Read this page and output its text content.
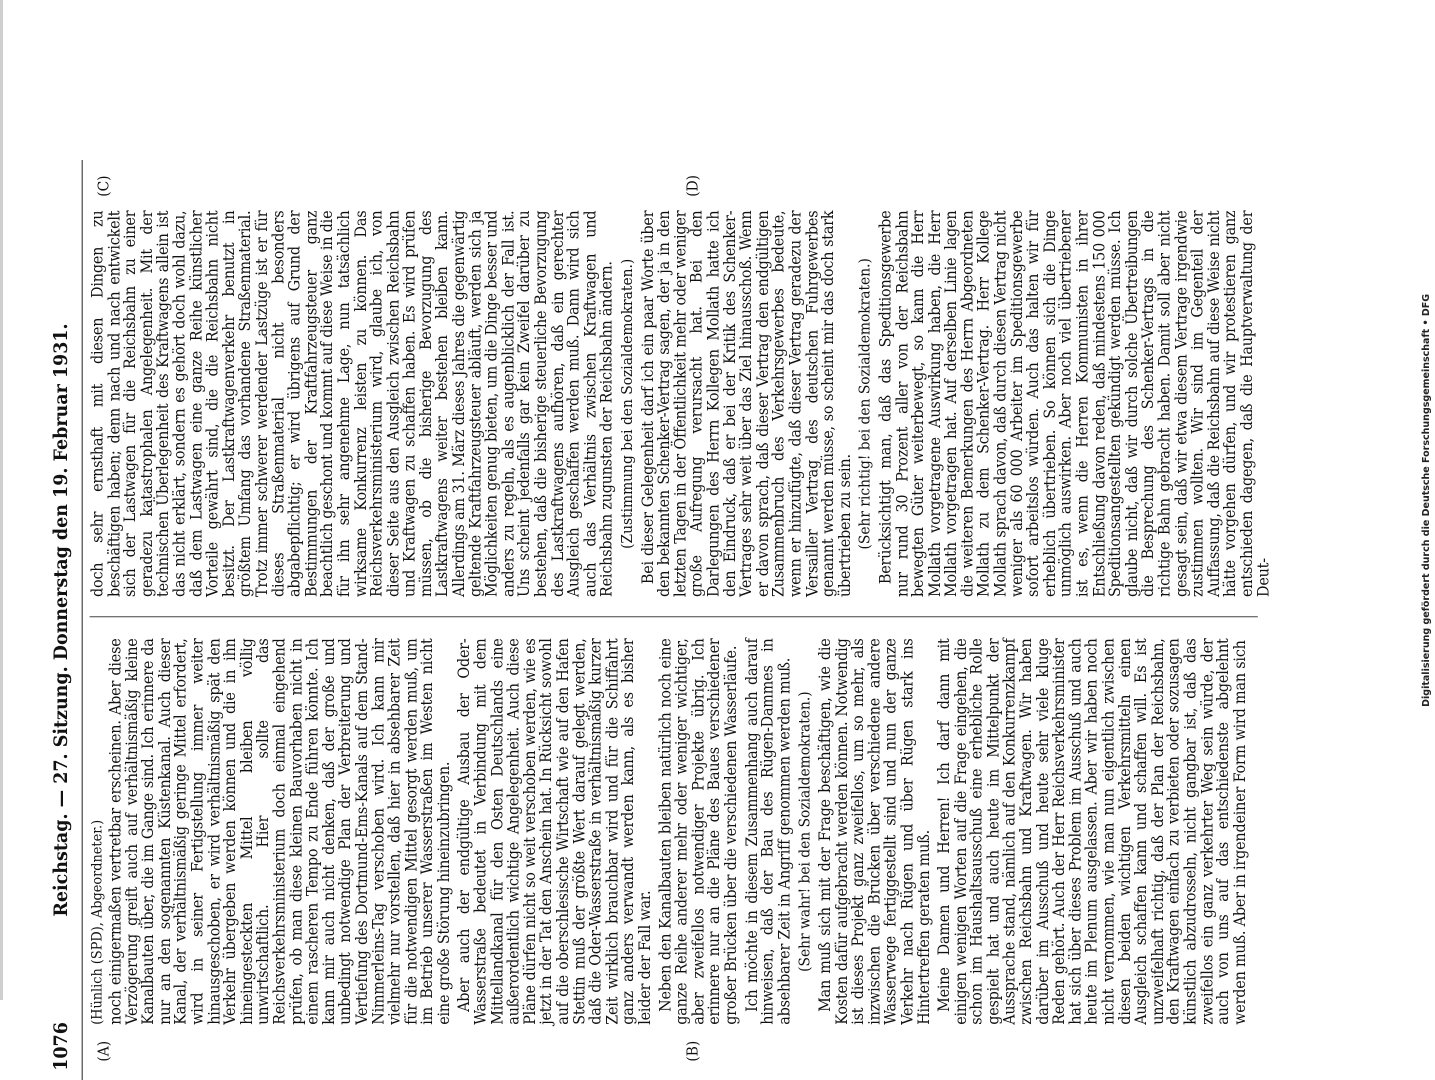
1076
Reichstag. — 27. Sitzung. Donnerstag den 19. Februar 1931.
(A)	(B)
(C)	(D)

(Hünlich (SPD), Abgeordneter.) noch einigermaßen vertretbar erscheinen. Aber diese Verzögerung greift auch auf verhältnismäßig kleine Kanalbauten über, die im Gange sind. Ich erinnere da nur an den sogenannten Küstenkanal. Auch dieser Kanal, der verhältnismäßig geringe Mittel erfordert, wird in seiner Fertigstellung immer weiter hinausgeschoben, er wird verhältnismäßig spät den Verkehr übergeben werden können und die in ihn hineingesteckten Mittel bleiben völlig unwirtschaftlich. Hier sollte das Reichsverkehrsministerium doch einmal eingehend prüfen, ob man diese kleinen Bauvorhaben nicht in einem rascheren Tempo zu Ende führen könnte. Ich kann mir auch nicht denken, daß der große und unbedingt notwendige Plan der Verbreiterung und Vertiefung des Dortmund-Ems-Kanals auf dem Stand-Nimmerleins-Tag verschoben wird. Ich kann mir vielmehr nur vorstellen, daß hier in absehbarer Zeit für die notwendigen Mittel gesorgt werden muß, um im Betrieb unserer Wasserstraßen im Westen nicht eine große Störung hineinzubringen. Aber auch der endgültige Ausbau der Oder-Wasserstraße bedeutet in Verbindung mit dem Mittellandkanal für den Osten Deutschlands eine außerordentlich wichtige Angelegenheit. Auch diese Pläne dürfen nicht so weit verschoben werden, wie es jetzt in der Tat den Anschein hat. In Rücksicht sowohl auf die oberschlesische Wirtschaft wie auf den Hafen Stettin muß der größte Wert darauf gelegt werden, daß die Oder-Wasserstraße in verhältnismäßig kurzer Zeit wirklich brauchbar wird und für die Schiffahrt ganz anders verwandt werden kann, als es bisher leider der Fall war. Neben den Kanalbauten bleiben natürlich noch eine ganze Reihe anderer mehr oder weniger wichtiger, aber zweifellos notwendiger Projekte übrig. Ich erinnere nur an die Pläne des Baues verschiedener großer Brücken über die verschiedenen Wasserläufe. Ich möchte in diesem Zusammenhang auch darauf hinweisen, daß der Bau des Rügen-Dammes in absehbarer Zeit in Angriff genommen werden muß. (Sehr wahr! bei den Sozialdemokraten.) Man muß sich mit der Frage beschäftigen, wie die Kosten dafür aufgebracht werden können. Notwendig ist dieses Projekt ganz zweifellos, um so mehr, als inzwischen die Brücken über verschiedene andere Wasserwege fertiggestellt sind und nun der ganze Verkehr nach Rügen und über Rügen stark ins Hintertreffen geraten muß. Meine Damen und Herren! Ich darf dann mit einigen wenigen Worten auf die Frage eingehen, die schon im Haushaltsausschuß eine erhebliche Rolle gespielt hat und auch heute im Mittelpunkt der Aussprache stand, nämlich auf den Konkurrenzkampf zwischen Reichsbahn und Kraftwagen. Wir haben darüber im Ausschuß und heute sehr viele kluge Reden gehört. Auch der Herr Reichsverkehrsminister hat sich über dieses Problem im Ausschuß und auch heute im Plenum ausgelassen. Aber wir haben noch nicht vernommen, wie man nun eigentlich zwischen diesen beiden wichtigen Verkehrsmitteln einen Ausgleich schaffen kann und schaffen will. Es ist unzweifelhaft richtig, daß der Plan der Reichsbahn, den Kraftwagen einfach zu verbieten oder sozusagen künstlich abzudrosseln, nicht gangbar ist, daß das zweifellos ein ganz verkehrter Weg sein würde, der auch von uns auf das entschiedenste abgelehnt werden muß. Aber in irgendeiner Form wird man sich

doch sehr ernsthaft mit diesen Dingen zu beschäftigen haben; denn nach und nach entwickelt sich der Lastwagen für die Reichsbahn zu einer geradezu katastrophalen Angelegenheit. Mit der technischen Überlegenheit des Kraftwagens allein ist das nicht erklärt, sondern es gehört doch wohl dazu, daß dem Lastwagen eine ganze Reihe künstlicher Vorteile gewährt sind, die die Reichsbahn nicht besitzt. Der Lastkraftwagenverkehr benutzt in größtem Umfang das vorhandene Straßenmaterial. Trotz immer schwerer werdender Lastzüge ist er für dieses Straßenmaterial nicht besonders abgabepflichtig; er wird übrigens auf Grund der Bestimmungen der Kraftfahrzeugsteuer ganz beachtlich geschont und kommt auf diese Weise in die für ihn sehr angenehme Lage, nun tatsächlich wirksame Konkurrenz leisten zu können. Das Reichsverkehrsministerium wird, glaube ich, von dieser Seite aus den Ausgleich zwischen Reichsbahn und Kraftwagen zu schaffen haben. Es wird prüfen müssen, ob die bisherige Bevorzugung des Lastkraftwagens weiter bestehen bleiben kann. Allerdings am 31. März dieses Jahres die gegenwärtig geltende Kraftfahrzeugsteuer abläuft, werden sich ja Möglichkeiten genug bieten, um die Dinge besser und anders zu regeln, als es augenblicklich der Fall ist. Uns scheint jedenfalls gar kein Zweifel darüber zu bestehen, daß die bisherige steuerliche Bevorzugung des Lastkraftwagens aufhören, daß ein gerechter Ausgleich geschaffen werden muß. Dann wird sich auch das Verhältnis zwischen Kraftwagen und Reichsbahn zugunsten der Reichsbahn ändern. (Zustimmung bei den Sozialdemokraten.) Bei dieser Gelegenheit darf ich ein paar Worte über den bekannten Schenker-Vertrag sagen, der ja in den letzten Tagen in der Öffentlichkeit mehr oder weniger große Aufregung verursacht hat. Bei den Darlegungen des Herrn Kollegen Mollath hatte ich den Eindruck, daß er bei der Kritik des Schenker-Vertrages sehr weit über das Ziel hinausschoß. Wenn er davon sprach, daß dieser Vertrag den endgültigen Zusammenbruch des Verkehrsgewerbes bedeute, wenn er hinzufügte, daß dieser Vertrag geradezu der Versailler Vertrag des deutschen Fuhrgewerbes genannt werden müsse, so scheint mir das doch stark übertrieben zu sein. (Sehr richtig! bei den Sozialdemokraten.) Berücksichtigt man, daß das Speditionsgewerbe nur rund 30 Prozent aller von der Reichsbahn bewegten Güter weiterbewegt, so kann die Herr Mollath vorgetragene Auswirkung haben, die Herr Mollath vorgetragen hat. Auf derselben Linie lagen die weiteren Bemerkungen des Herrn Abgeordneten Mollath zu dem Schenker-Vertrag. Herr Kollege Mollath sprach davon, daß durch diesen Vertrag nicht weniger als 60 000 Arbeiter im Speditionsgewerbe sofort arbeitslos würden. Auch das halten wir für erheblich übertrieben. So können sich die Dinge unmöglich auswirken. Aber noch viel übertriebener ist es, wenn die Herren Kommunisten in ihrer Entschließung davon reden, daß mindestens 150 000 Speditionsangestellten gekündigt werden müsse. Ich glaube nicht, daß wir durch solche Übertreibungen die Besprechung des Schenker-Vertrags in die richtige Bahn gebracht haben. Damit soll aber nicht gesagt sein, daß wir etwa diesem Vertrage irgendwie zustimmen wollten. Wir sind im Gegenteil der Auffassung, daß die Reichsbahn auf diese Weise nicht hätte vorgehen dürfen, und wir protestieren ganz entschieden dagegen, daß die Hauptverwaltung der Deut-	Digitalisierung gefördert durch die Deutsche Forschungsgemeinschaft • DFG
